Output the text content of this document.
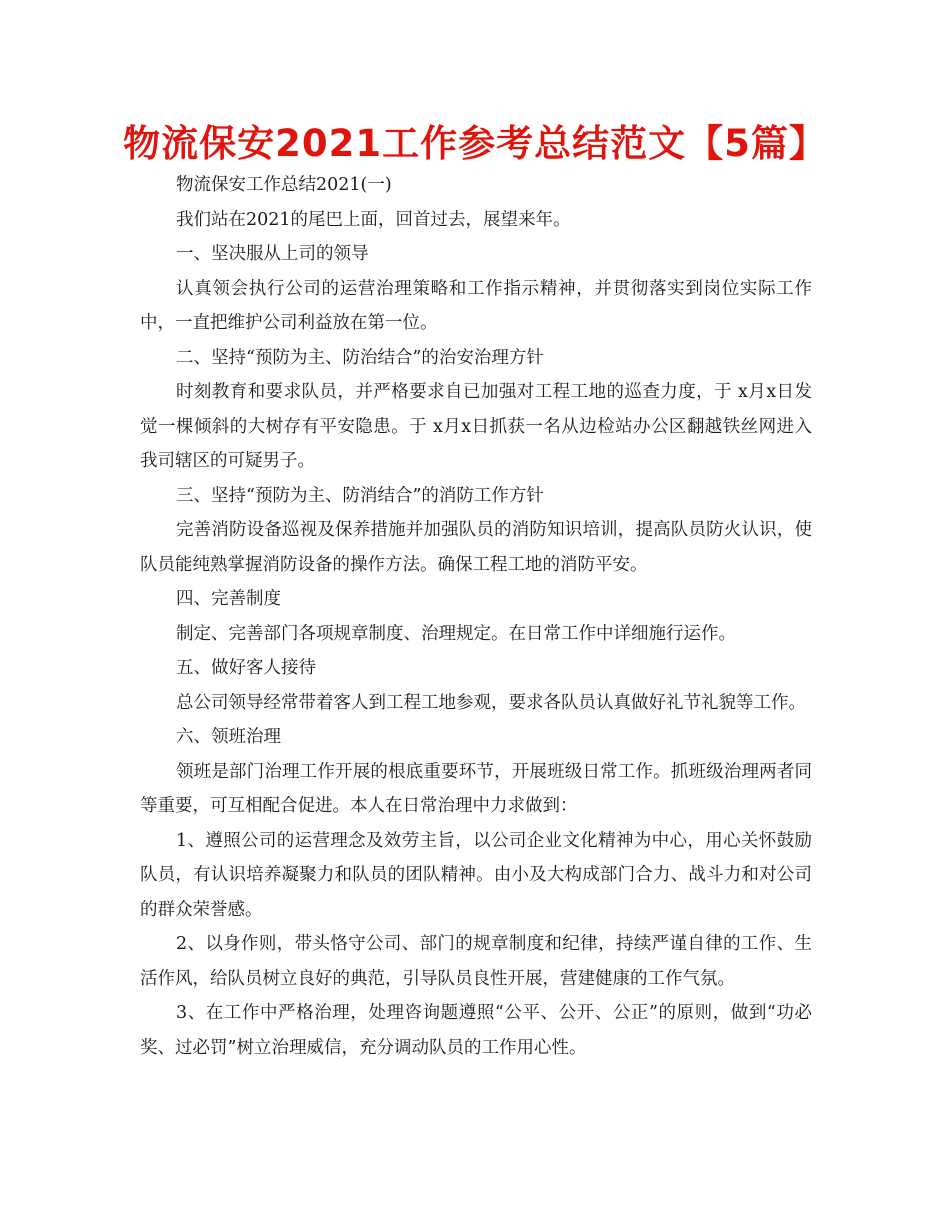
物流保安2021工作参考总结范文【5篇】

物流保安工作总结2021(一)

我们站在2021的尾巴上面，回首过去，展望来年。

一、坚决服从上司的领导

认真领会执行公司的运营治理策略和工作指示精神，并贯彻落实到岗位实际工作中，一直把维护公司利益放在第一位。

二、坚持“预防为主、防治结合”的治安治理方针

时刻教育和要求队员，并严格要求自已加强对工程工地的巡查力度，于 x月x日发觉一棵倾斜的大树存有平安隐患。于 x月x日抓获一名从边检站办公区翻越铁丝网进入我司辖区的可疑男子。

三、坚持“预防为主、防消结合”的消防工作方针

完善消防设备巡视及保养措施并加强队员的消防知识培训，提高队员防火认识，使队员能纯熟掌握消防设备的操作方法。确保工程工地的消防平安。

四、完善制度

制定、完善部门各项规章制度、治理规定。在日常工作中详细施行运作。

五、做好客人接待

总公司领导经常带着客人到工程工地参观，要求各队员认真做好礼节礼貌等工作。

六、领班治理

领班是部门治理工作开展的根底重要环节，开展班级日常工作。抓班级治理两者同等重要，可互相配合促进。本人在日常治理中力求做到：

1、遵照公司的运营理念及效劳主旨，以公司企业文化精神为中心，用心关怀鼓励队员，有认识培养凝聚力和队员的团队精神。由小及大构成部门合力、战斗力和对公司的群众荣誉感。

2、以身作则，带头恪守公司、部门的规章制度和纪律，持续严谨自律的工作、生活作风，给队员树立良好的典范，引导队员良性开展，营建健康的工作气氛。

3、在工作中严格治理，处理咨询题遵照“公平、公开、公正”的原则，做到“功必奖、过必罚”树立治理威信，充分调动队员的工作用心性。
